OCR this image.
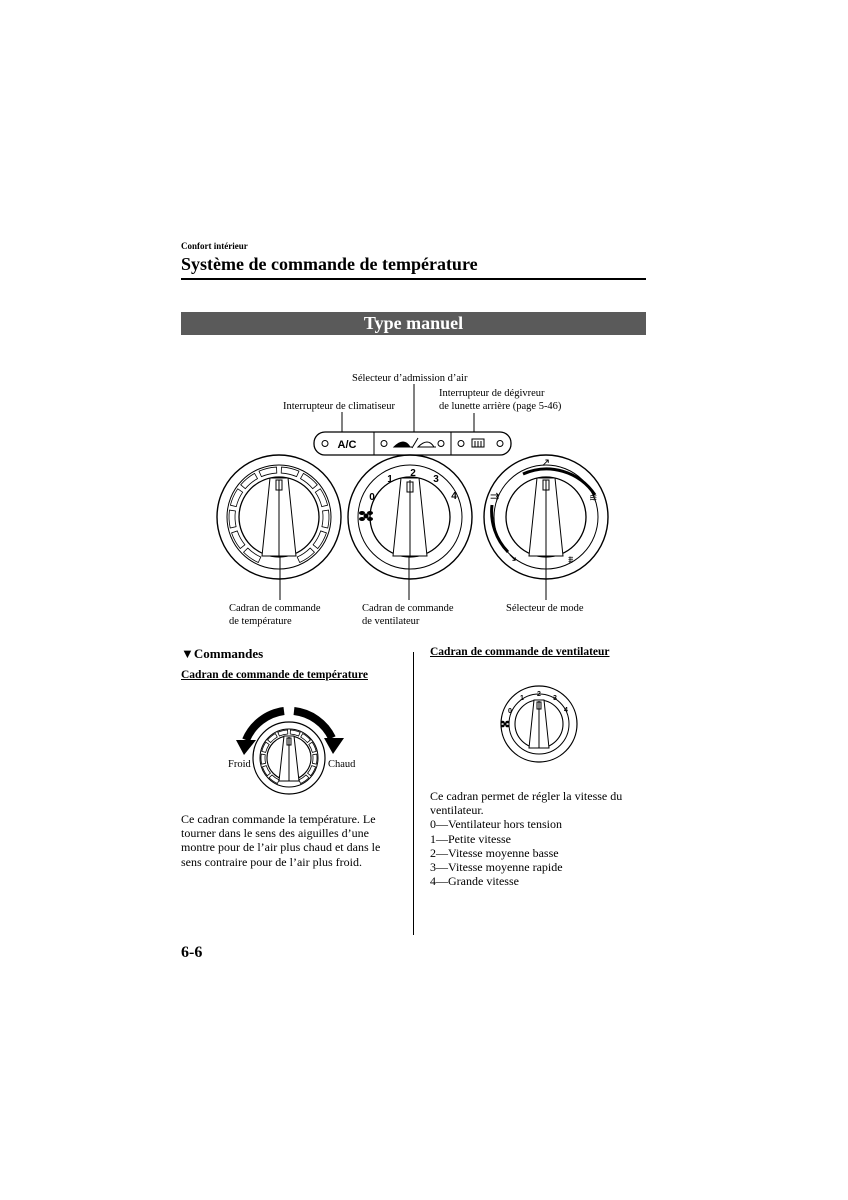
Confort intérieur
Système de commande de température
Type manuel
Sélecteur d’admission d’air
Interrupteur de climatiseur
Interrupteur de dégivreur
de lunette arrière (page 5-46)
Cadran de commande
de température
Cadran de commande
de ventilateur
Sélecteur de mode
↗
⇉
↘
≋
⩩
A/C
0
1
2
3
4
▼Commandes
Cadran de commande de température
Froid	Chaud
Ce cadran commande la température. Le
tourner dans le sens des aiguilles d’une
montre pour de l’air plus chaud et dans le
sens contraire pour de l’air plus froid.
Cadran de commande de ventilateur
0
1
2
3
4
Ce cadran permet de régler la vitesse du
ventilateur.
0—Ventilateur hors tension
1—Petite vitesse
2—Vitesse moyenne basse
3—Vitesse moyenne rapide
4—Grande vitesse
6-6
